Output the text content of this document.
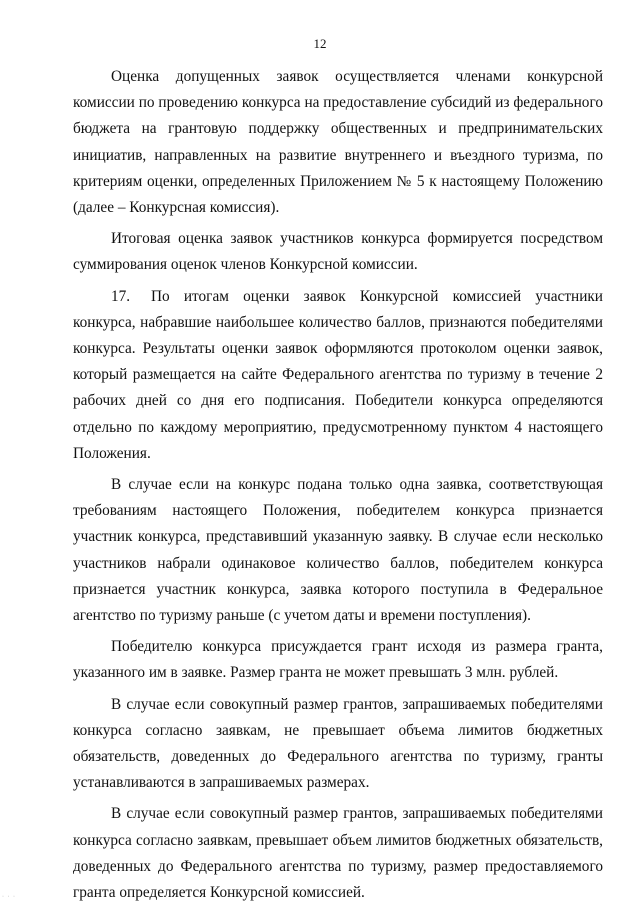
12

Оценка допущенных заявок осуществляется членами конкурсной комиссии по проведению конкурса на предоставление субсидий из федерального бюджета на грантовую поддержку общественных и предпринимательских инициатив, направленных на развитие внутреннего и въездного туризма, по критериям оценки, определенных Приложением № 5 к настоящему Положению (далее – Конкурсная комиссия).

Итоговая оценка заявок участников конкурса формируется посредством суммирования оценок членов Конкурсной комиссии.

17. По итогам оценки заявок Конкурсной комиссией участники конкурса, набравшие наибольшее количество баллов, признаются победителями конкурса. Результаты оценки заявок оформляются протоколом оценки заявок, который размещается на сайте Федерального агентства по туризму в течение 2 рабочих дней со дня его подписания. Победители конкурса определяются отдельно по каждому мероприятию, предусмотренному пунктом 4 настоящего Положения.

В случае если на конкурс подана только одна заявка, соответствующая требованиям настоящего Положения, победителем конкурса признается участник конкурса, представивший указанную заявку. В случае если несколько участников набрали одинаковое количество баллов, победителем конкурса признается участник конкурса, заявка которого поступила в Федеральное агентство по туризму раньше (с учетом даты и времени поступления).

Победителю конкурса присуждается грант исходя из размера гранта, указанного им в заявке. Размер гранта не может превышать 3 млн. рублей.

В случае если совокупный размер грантов, запрашиваемых победителями конкурса согласно заявкам, не превышает объема лимитов бюджетных обязательств, доведенных до Федерального агентства по туризму, гранты устанавливаются в запрашиваемых размерах.

В случае если совокупный размер грантов, запрашиваемых победителями конкурса согласно заявкам, превышает объем лимитов бюджетных обязательств, доведенных до Федерального агентства по туризму, размер предоставляемого гранта определяется Конкурсной комиссией.

· · ·
